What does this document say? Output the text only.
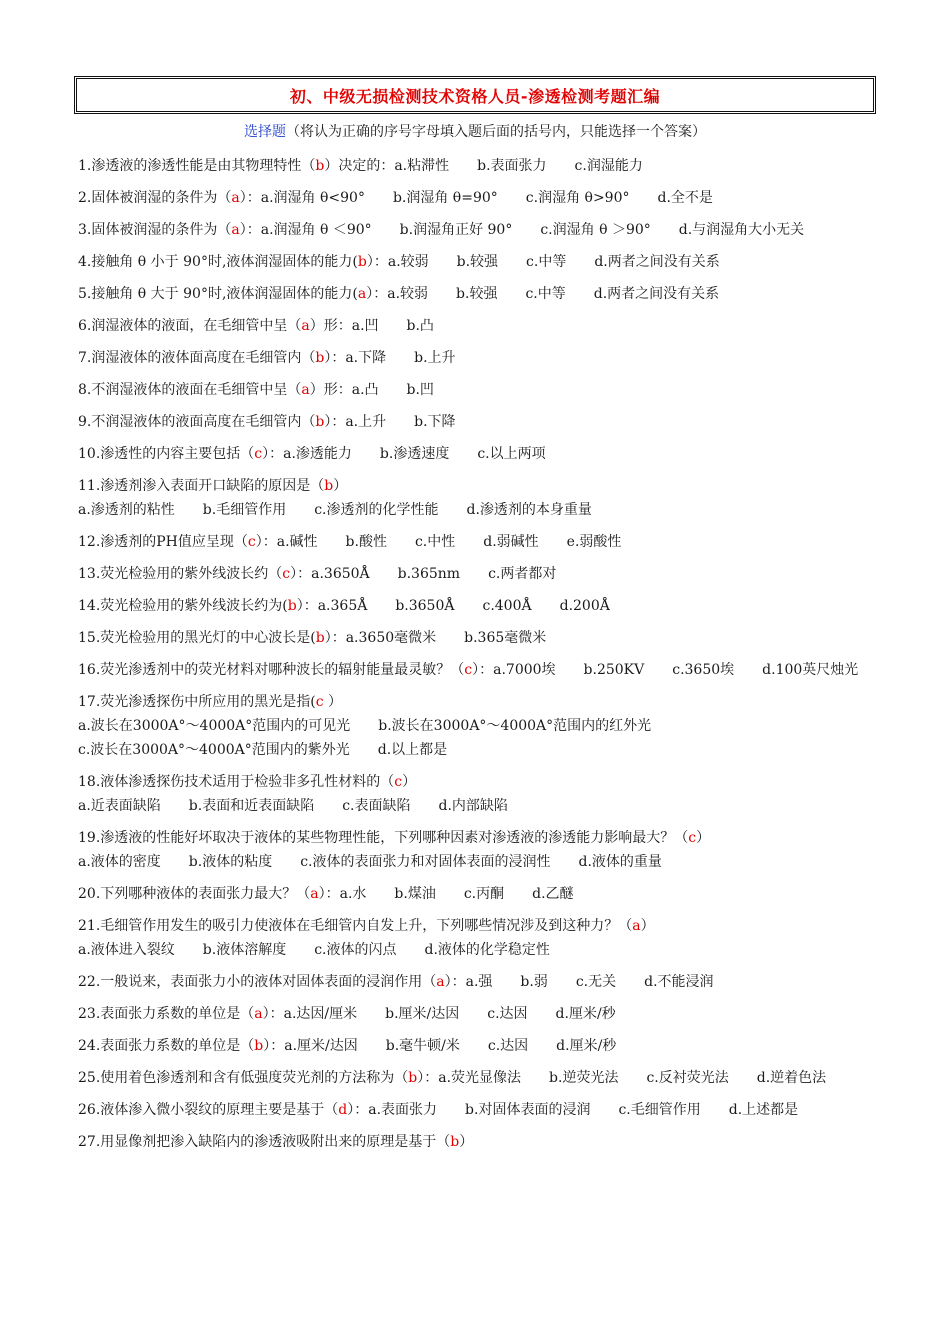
初、中级无损检测技术资格人员-渗透检测考题汇编
选择题（将认为正确的序号字母填入题后面的括号内，只能选择一个答案）

1.渗透液的渗透性能是由其物理特性（b）决定的：a.粘滞性　　b.表面张力　　c.润湿能力

2.固体被润湿的条件为（a）：a.润湿角 θ<90°　　b.润湿角 θ=90°　　c.润湿角 θ>90°　　d.全不是

3.固体被润湿的条件为（a）：a.润湿角 θ ＜90°　　b.润湿角正好 90°　　c.润湿角 θ ＞90°　　d.与润湿角大小无关

4.接触角 θ 小于 90°时,液体润湿固体的能力(b）：a.较弱　　b.较强　　c.中等　　d.两者之间没有关系

5.接触角 θ 大于 90°时,液体润湿固体的能力(a）：a.较弱　　b.较强　　c.中等　　d.两者之间没有关系

6.润湿液体的液面，在毛细管中呈（a）形：a.凹　　b.凸

7.润湿液体的液体面高度在毛细管内（b）：a.下降　　b.上升

8.不润湿液体的液面在毛细管中呈（a）形：a.凸　　b.凹

9.不润湿液体的液面高度在毛细管内（b）：a.上升　　b.下降

10.渗透性的内容主要包括（c）：a.渗透能力　　b.渗透速度　　c.以上两项

11.渗透剂渗入表面开口缺陷的原因是（b）

a.渗透剂的粘性　　b.毛细管作用　　c.渗透剂的化学性能　　d.渗透剂的本身重量

12.渗透剂的PH值应呈现（c）：a.碱性　　b.酸性　　c.中性　　d.弱碱性　　e.弱酸性

13.荧光检验用的紫外线波长约（c）：a.3650Å　　b.365nm　　c.两者都对

14.荧光检验用的紫外线波长约为(b）：a.365Å　　b.3650Å　　c.400Å　　d.200Å

15.荧光检验用的黑光灯的中心波长是(b）：a.3650毫微米　　b.365毫微米

16.荧光渗透剂中的荧光材料对哪种波长的辐射能量最灵敏？（c）：a.7000埃　　b.250KV　　c.3650埃　　d.100英尺烛光

17.荧光渗透探伤中所应用的黑光是指(c ）

a.波长在3000A°～4000A°范围内的可见光　　b.波长在3000A°～4000A°范围内的红外光

c.波长在3000A°～4000A°范围内的紫外光　　d.以上都是

18.液体渗透探伤技术适用于检验非多孔性材料的（c）

a.近表面缺陷　　b.表面和近表面缺陷　　c.表面缺陷　　d.内部缺陷

19.渗透液的性能好坏取决于液体的某些物理性能，下列哪种因素对渗透液的渗透能力影响最大？（c）

a.液体的密度　　b.液体的粘度　　c.液体的表面张力和对固体表面的浸润性　　d.液体的重量

20.下列哪种液体的表面张力最大？（a）：a.水　　b.煤油　　c.丙酮　　d.乙醚

21.毛细管作用发生的吸引力使液体在毛细管内自发上升，下列哪些情况涉及到这种力？（a）

a.液体进入裂纹　　b.液体溶解度　　c.液体的闪点　　d.液体的化学稳定性

22.一般说来，表面张力小的液体对固体表面的浸润作用（a）：a.强　　b.弱　　c.无关　　d.不能浸润

23.表面张力系数的单位是（a）：a.达因/厘米　　b.厘米/达因　　c.达因　　d.厘米/秒

24.表面张力系数的单位是（b）：a.厘米/达因　　b.毫牛顿/米　　c.达因　　d.厘米/秒

25.使用着色渗透剂和含有低强度荧光剂的方法称为（b）：a.荧光显像法　　b.逆荧光法　　c.反衬荧光法　　d.逆着色法

26.液体渗入微小裂纹的原理主要是基于（d）：a.表面张力　　b.对固体表面的浸润　　c.毛细管作用　　d.上述都是

27.用显像剂把渗入缺陷内的渗透液吸附出来的原理是基于（b）
